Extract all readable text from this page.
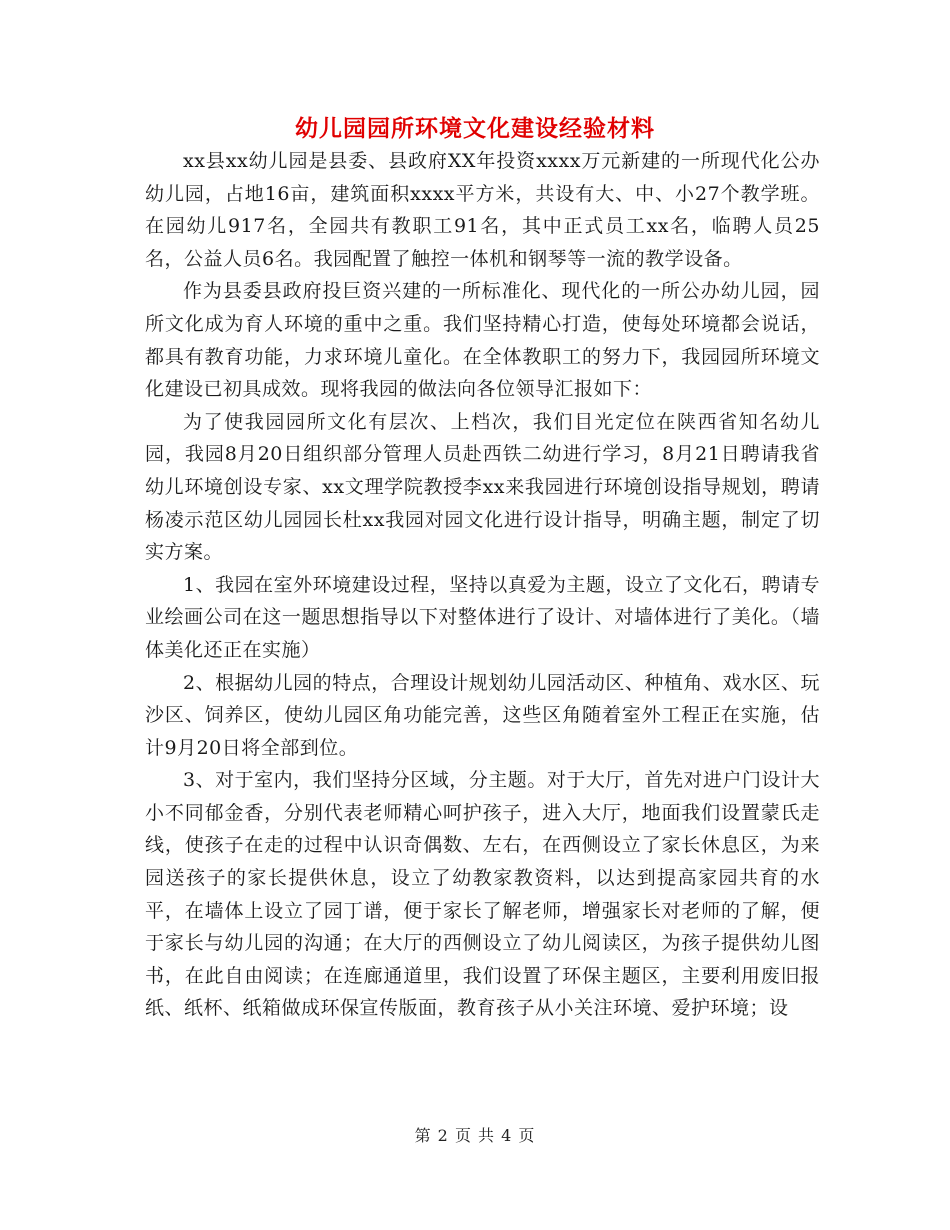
幼儿园园所环境文化建设经验材料

xx县xx幼儿园是县委、县政府XX年投资xxxx万元新建的一所现代化公办幼儿园，占地16亩，建筑面积xxxx平方米，共设有大、中、小27个教学班。在园幼儿917名，全园共有教职工91名，其中正式员工xx名，临聘人员25名，公益人员6名。我园配置了触控一体机和钢琴等一流的教学设备。

作为县委县政府投巨资兴建的一所标准化、现代化的一所公办幼儿园，园所文化成为育人环境的重中之重。我们坚持精心打造，使每处环境都会说话，都具有教育功能，力求环境儿童化。在全体教职工的努力下，我园园所环境文化建设已初具成效。现将我园的做法向各位领导汇报如下：

为了使我园园所文化有层次、上档次，我们目光定位在陕西省知名幼儿园，我园8月20日组织部分管理人员赴西铁二幼进行学习，8月21日聘请我省幼儿环境创设专家、xx文理学院教授李xx来我园进行环境创设指导规划，聘请杨凌示范区幼儿园园长杜xx我园对园文化进行设计指导，明确主题，制定了切实方案。

1、我园在室外环境建设过程，坚持以真爱为主题，设立了文化石，聘请专业绘画公司在这一题思想指导以下对整体进行了设计、对墙体进行了美化。（墙体美化还正在实施）

2、根据幼儿园的特点，合理设计规划幼儿园活动区、种植角、戏水区、玩沙区、饲养区，使幼儿园区角功能完善，这些区角随着室外工程正在实施，估计9月20日将全部到位。

3、对于室内，我们坚持分区域，分主题。对于大厅，首先对进户门设计大小不同郁金香，分别代表老师精心呵护孩子，进入大厅，地面我们设置蒙氏走线，使孩子在走的过程中认识奇偶数、左右，在西侧设立了家长休息区，为来园送孩子的家长提供休息，设立了幼教家教资料，以达到提高家园共育的水平，在墙体上设立了园丁谱，便于家长了解老师，增强家长对老师的了解，便于家长与幼儿园的沟通；在大厅的西侧设立了幼儿阅读区，为孩子提供幼儿图书，在此自由阅读；在连廊通道里，我们设置了环保主题区，主要利用废旧报纸、纸杯、纸箱做成环保宣传版面，教育孩子从小关注环境、爱护环境；设

第 2 页 共 4 页
